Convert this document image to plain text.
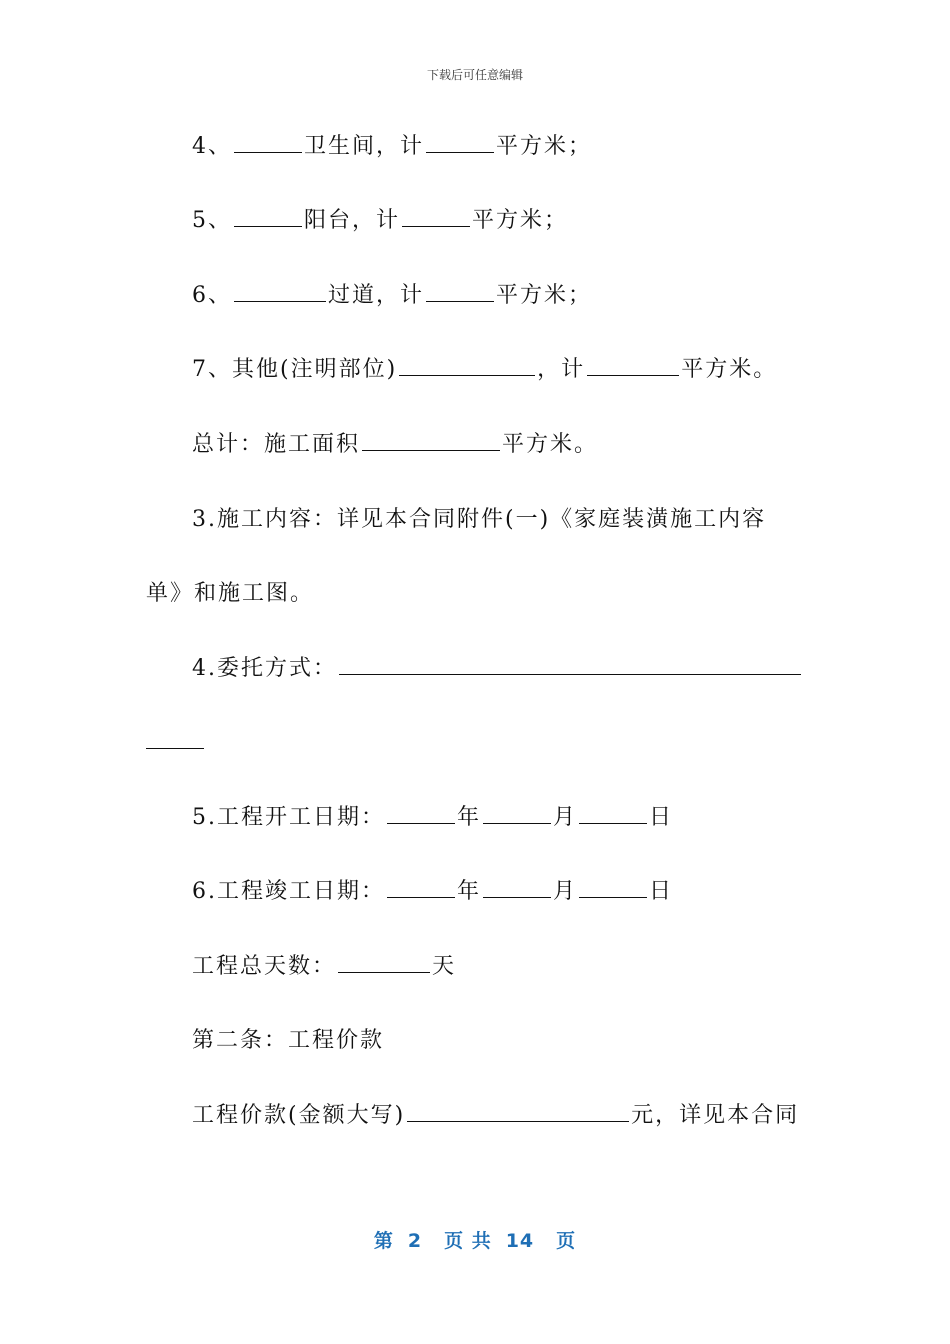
下载后可任意编辑
4、	卫生间，计	平方米；
5、	阳台，计	平方米；
6、	过道，计	平方米；
7、其他(注明部位)	，计	平方米。
总计：施工面积	平方米。
3.施工内容：详见本合同附件(一)《家庭装潢施工内容
单》和施工图。
4.委托方式：
5.工程开工日期：	年	月	日
6.工程竣工日期：	年	月	日
工程总天数：	天
第二条：工程价款
工程价款(金额大写)	元，详见本合同
第 2 页 共 14 页
